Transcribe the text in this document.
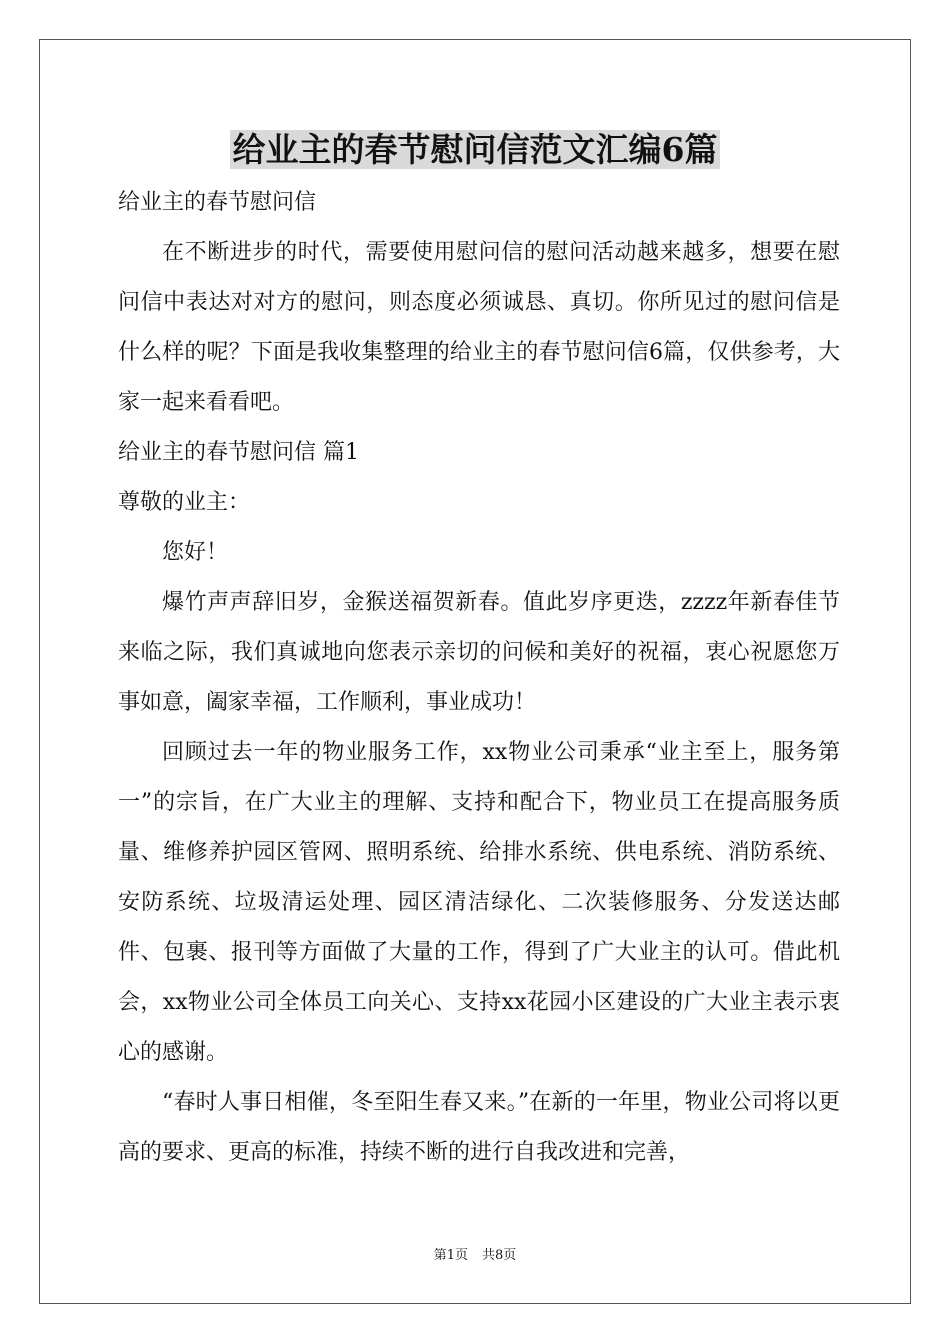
给业主的春节慰问信范文汇编6篇
给业主的春节慰问信

在不断进步的时代，需要使用慰问信的慰问活动越来越多，想要在慰问信中表达对对方的慰问，则态度必须诚恳、真切。你所见过的慰问信是什么样的呢？下面是我收集整理的给业主的春节慰问信6篇，仅供参考，大家一起来看看吧。

给业主的春节慰问信 篇1
尊敬的业主：

您好！

爆竹声声辞旧岁，金猴送福贺新春。值此岁序更迭，zzzz年新春佳节来临之际，我们真诚地向您表示亲切的问候和美好的祝福，衷心祝愿您万事如意，阖家幸福，工作顺利，事业成功！

回顾过去一年的物业服务工作，xx物业公司秉承“业主至上，服务第一”的宗旨，在广大业主的理解、支持和配合下，物业员工在提高服务质量、维修养护园区管网、照明系统、给排水系统、供电系统、消防系统、安防系统、垃圾清运处理、园区清洁绿化、二次装修服务、分发送达邮件、包裹、报刊等方面做了大量的工作，得到了广大业主的认可。借此机会，xx物业公司全体员工向关心、支持xx花园小区建设的广大业主表示衷心的感谢。

“春时人事日相催，冬至阳生春又来。”在新的一年里，物业公司将以更高的要求、更高的标准，持续不断的进行自我改进和完善，

第1页 共8页
